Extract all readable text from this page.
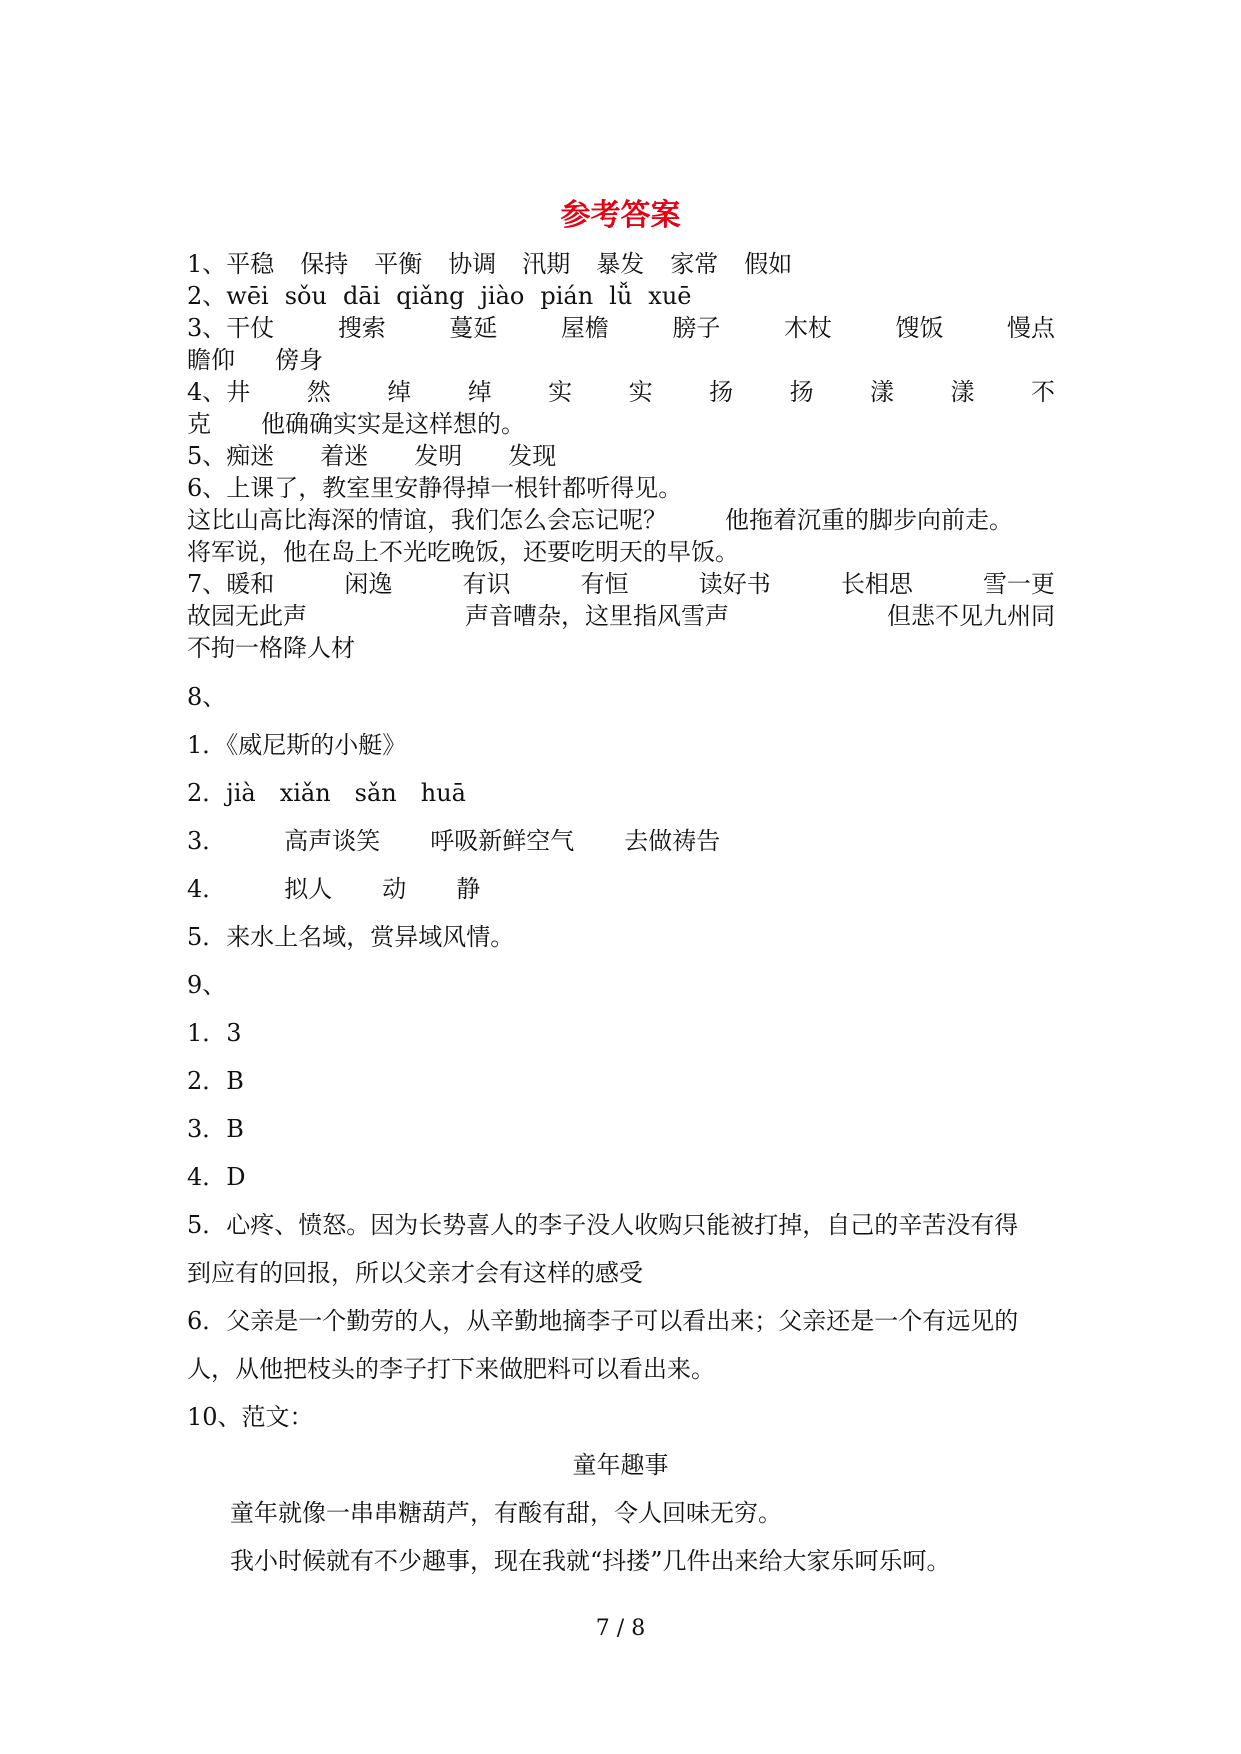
参考答案
1、平稳 保持 平衡 协调 汛期 暴发 家常 假如
2、wēi sǒu dāi qiǎng jiào pián lǚ xuē
3、干仗	搜索	蔓延	屋檐	膀子	木杖	馊饭	慢点
瞻仰 傍身
4、井 然 绰 绰 实 实 扬 扬 漾 漾 不
克 他确确实实是这样想的。
5、痴迷 着迷 发明 发现
6、上课了，教室里安静得掉一根针都听得见。
这比山高比海深的情谊，我们怎么会忘记呢？ 他拖着沉重的脚步向前走。
将军说，他在岛上不光吃晚饭，还要吃明天的早饭。
7、暖和	闲逸	有识	有恒	读好书	长相思	雪一更
故园无此声	声音嘈杂，这里指风雪声	但悲不见九州同
不拘一格降人材
8、
1．《威尼斯的小艇》
2．jià　xiǎn　sǎn　huā
3． 高声谈笑 呼吸新鲜空气 去做祷告
4． 拟人 动 静
5．来水上名域，赏异域风情。
9、
1．3
2．B
3．B
4．D
5．心疼、愤怒。因为长势喜人的李子没人收购只能被打掉，自己的辛苦没有得
到应有的回报，所以父亲才会有这样的感受
6．父亲是一个勤劳的人，从辛勤地摘李子可以看出来；父亲还是一个有远见的
人，从他把枝头的李子打下来做肥料可以看出来。
10、范文：
童年趣事
童年就像一串串糖葫芦，有酸有甜，令人回味无穷。
我小时候就有不少趣事，现在我就“抖搂”几件出来给大家乐呵乐呵。
7 / 8
